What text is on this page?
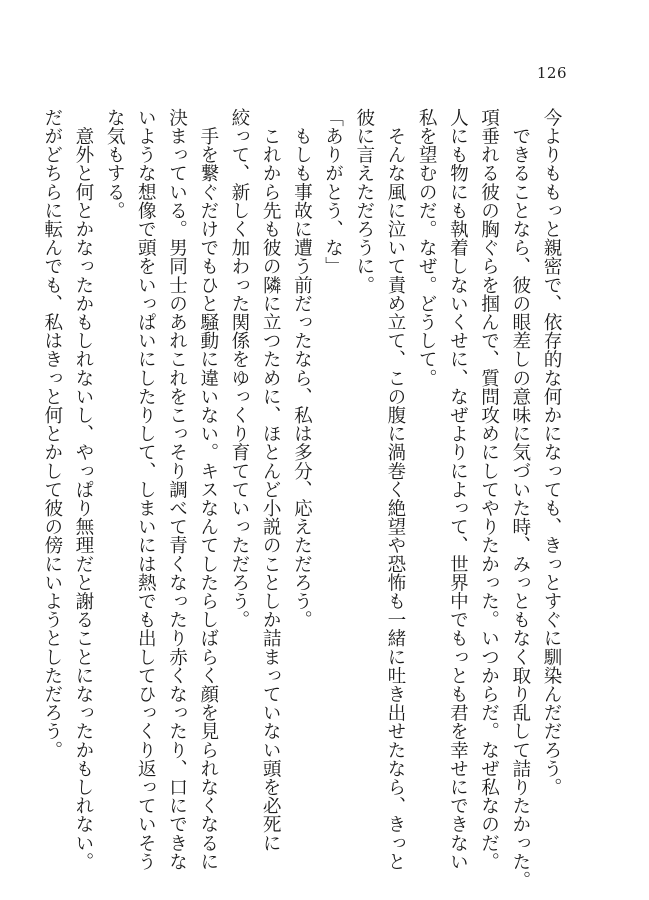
126
今よりももっと親密で、依存的な何かになっても、きっとすぐに馴染んだだろう。
　できることなら、彼の眼差しの意味に気づいた時、みっともなく取り乱して詰りたかった。
項垂れる彼の胸ぐらを掴んで、質問攻めにしてやりたかった。いつからだ。なぜ私なのだ。
人にも物にも執着しないくせに、なぜよりによって、世界中でもっとも君を幸せにできない
私を望むのだ。なぜ。どうして。
　そんな風に泣いて責め立て、この腹に渦巻く絶望や恐怖も一緒に吐き出せたなら、きっと
彼に言えただろうに。
「ありがとう、な」
　もしも事故に遭う前だったなら、私は多分、応えただろう。
　これから先も彼の隣に立つために、ほとんど小説のことしか詰まっていない頭を必死に
絞って、新しく加わった関係をゆっくり育てていっただろう。
　手を繋ぐだけでもひと騒動に違いない。キスなんてしたらしばらく顔を見られなくなるに
決まっている。男同士のあれこれをこっそり調べて青くなったり赤くなったり、口にできな
いような想像で頭をいっぱいにしたりして、しまいには熱でも出してひっくり返っていそう
な気もする。
　意外と何とかなったかもしれないし、やっぱり無理だと謝ることになったかもしれない。
だがどちらに転んでも、私はきっと何とかして彼の傍にいようとしただろう。
